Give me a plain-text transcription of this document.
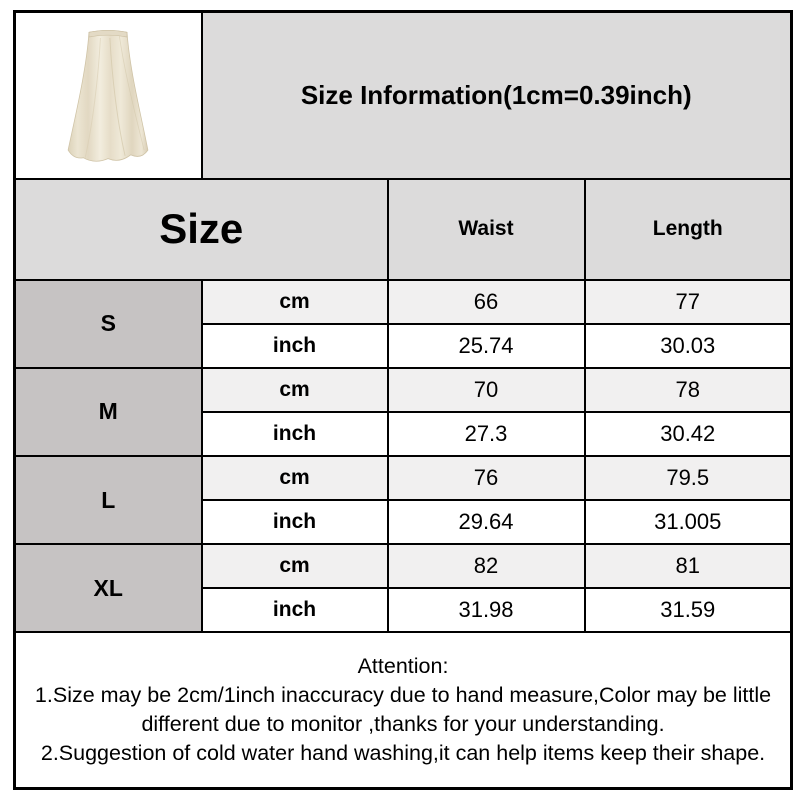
	Size Information(1cm=0.39inch)		
Size		Waist	Length
S	cm	66	77
	inch	25.74	30.03
M	cm	70	78
	inch	27.3	30.42
L	cm	76	79.5
	inch	29.64	31.005
XL	cm	82	81
	inch	31.98	31.59

Attention:
1.Size may be 2cm/1inch inaccuracy due to hand measure,Color may be little different due to monitor ,thanks for your understanding.
2.Suggestion of cold water hand washing,it can help items keep their shape.			
